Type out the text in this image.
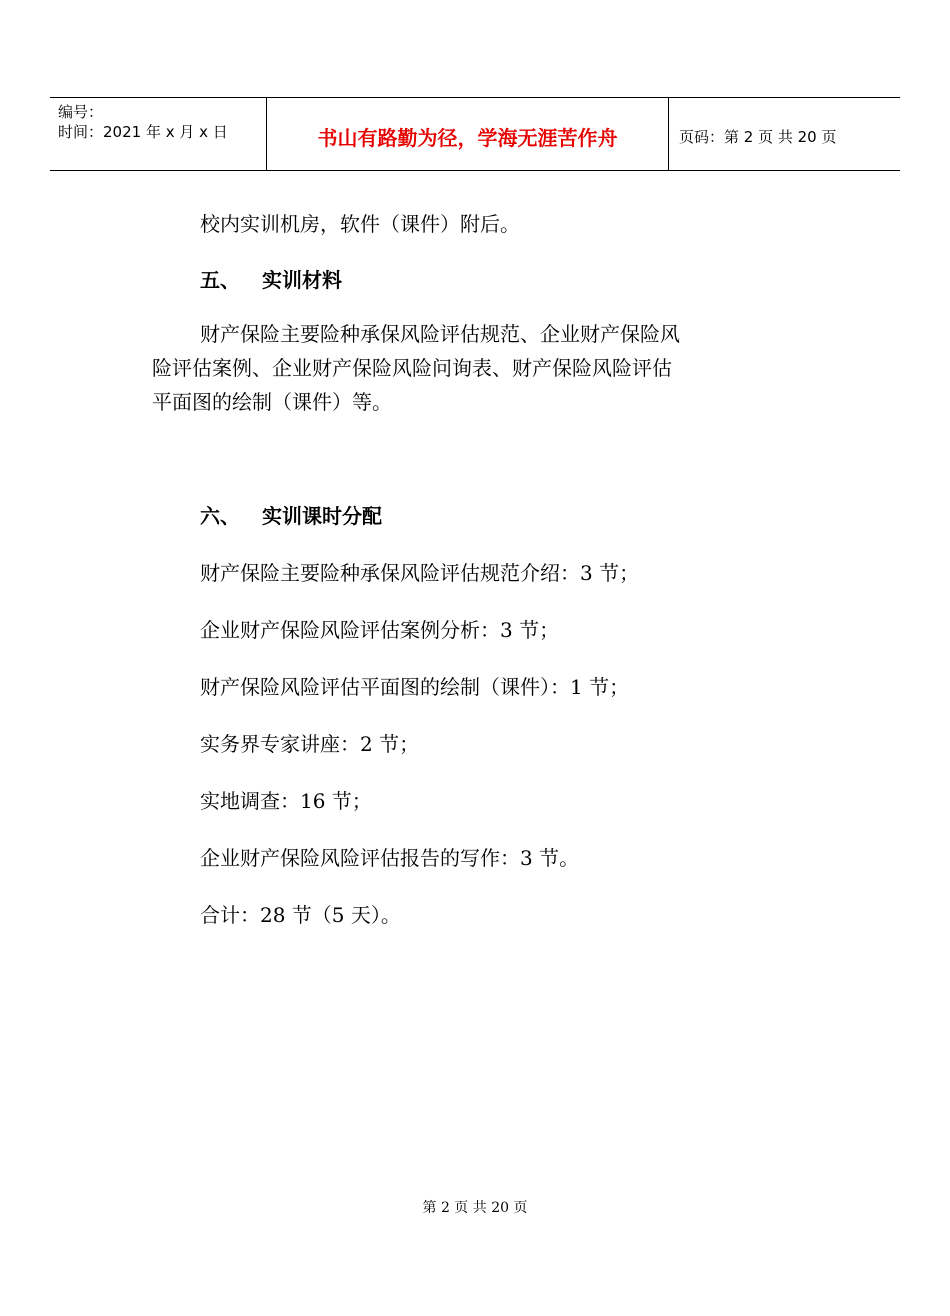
编号：
时间：2021 年 x 月 x 日	书山有路勤为径，学海无涯苦作舟	页码：第 2 页 共 20 页
校内实训机房，软件（课件）附后。
五、 实训材料
财产保险主要险种承保风险评估规范、企业财产保险风
险评估案例、企业财产保险风险问询表、财产保险风险评估
平面图的绘制（课件）等。
六、 实训课时分配
财产保险主要险种承保风险评估规范介绍：3 节；
企业财产保险风险评估案例分析：3 节；
财产保险风险评估平面图的绘制（课件）：1 节；
实务界专家讲座：2 节；
实地调查：16 节；
企业财产保险风险评估报告的写作：3 节。
合计：28 节（5 天）。
第 2 页 共 20 页
